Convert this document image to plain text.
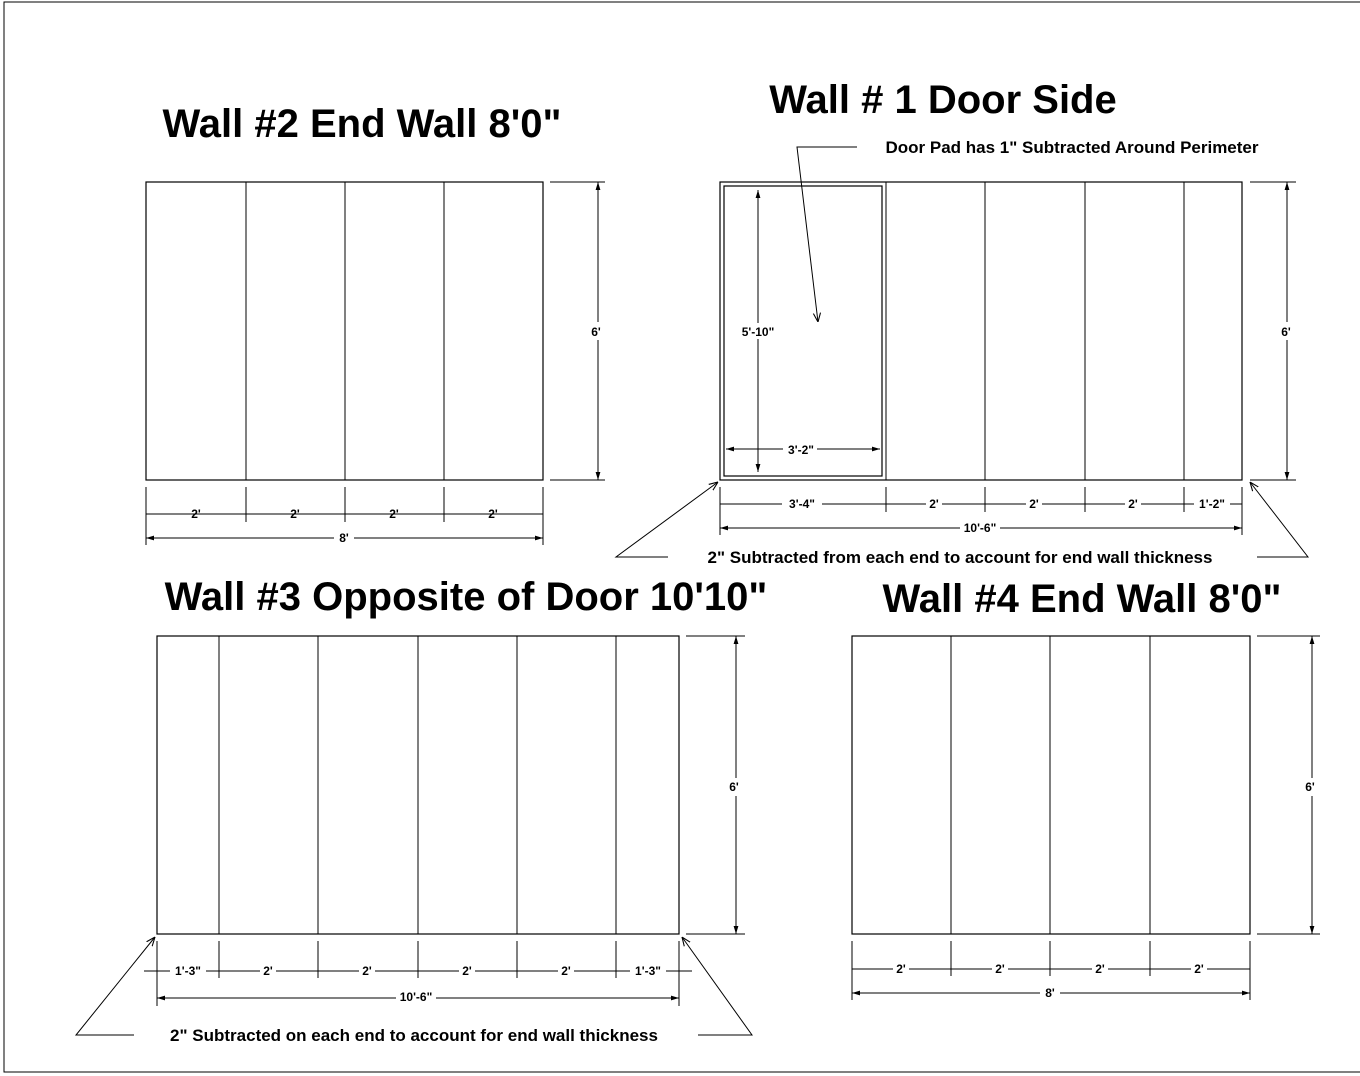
Wall #2 End Wall 8'0"
6'
2'	2'	2'	2'
8'
Wall # 1 Door Side
5'-10"
3'-2"
Door Pad has 1" Subtracted Around Perimeter
6'
3'-4"	2'	2'	2'	1'-2"
10'-6"
2" Subtracted from each end to account for end wall thickness
Wall #3 Opposite of Door 10'10"
6'
1'-3"	2'	2'	2'	2'	1'-3"
10'-6"
2" Subtracted on each end to account for end wall thickness
Wall #4 End Wall 8'0"
6'
2'	2'	2'	2'
8'
